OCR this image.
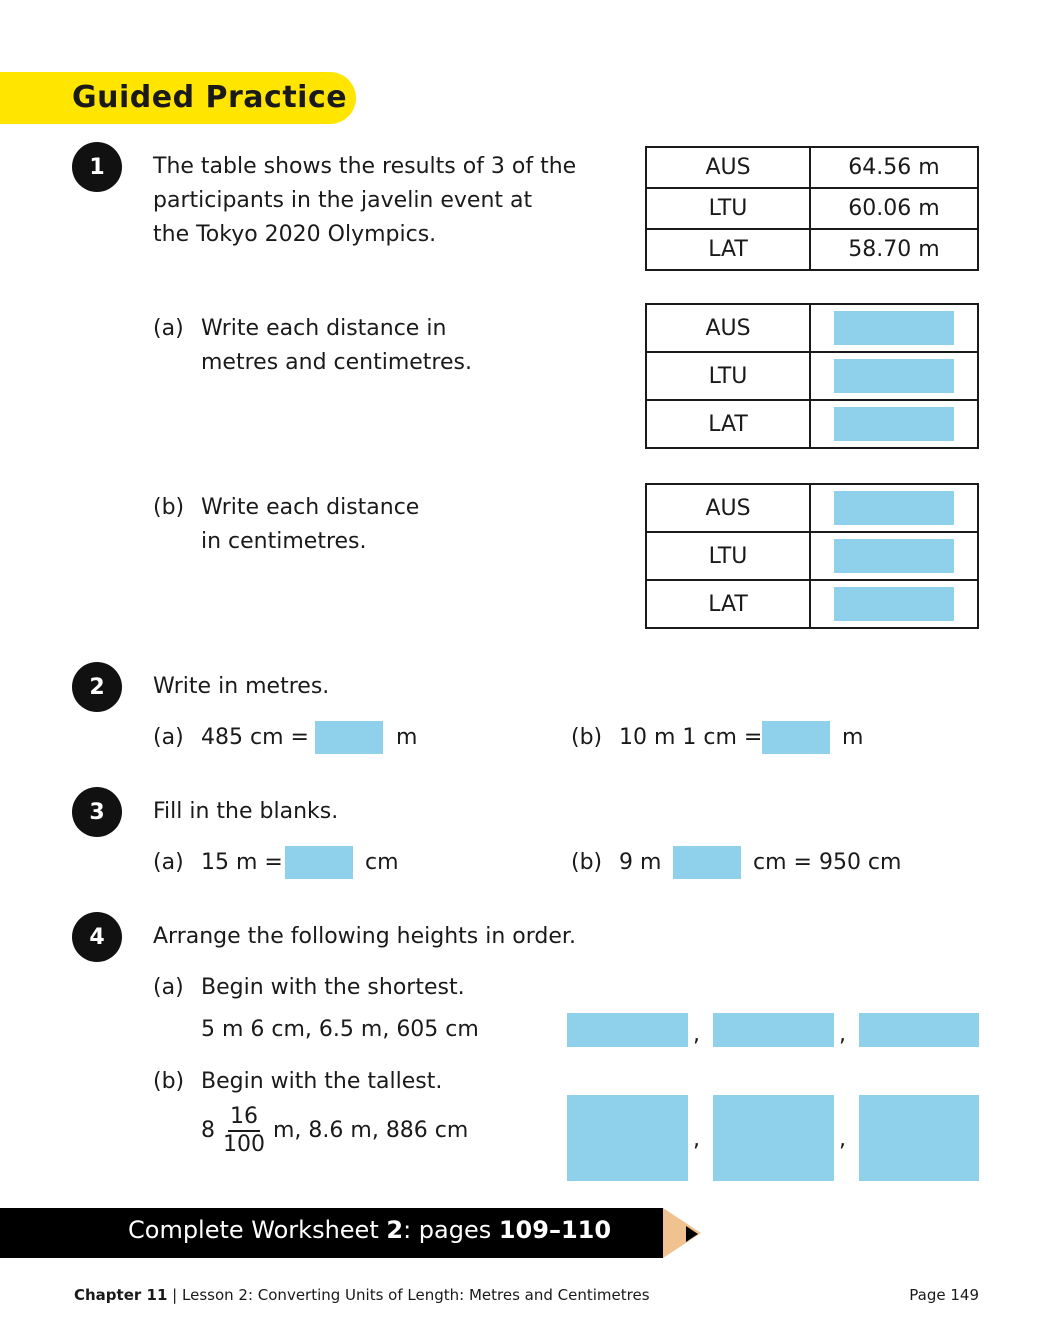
Guided Practice
1	The table shows the results of 3 of the
participants in the javelin event at
the Tokyo 2020 Olympics.
AUS	64.56 m
LTU	60.06 m
LAT	58.70 m
(a) Write each distance in
metres and centimetres.
AUS	
LTU	
LAT	
(b) Write each distance
in centimetres.
AUS	
LTU	
LAT	
2	Write in metres.
(a) 485 cm =	m	(b) 10 m 1 cm =	m
3	Fill in the blanks.
(a) 15 m =	cm	(b) 9 m	cm = 950 cm
4	Arrange the following heights in order.
(a) Begin with the shortest.
5 m 6 cm, 6.5 m, 605 cm	,	,
(b) Begin with the tallest.
$8 \frac{16}{100} m$, 8.6 m, 886 cm	,	,
Complete Worksheet 2: pages 109–110
Chapter 11 | Lesson 2: Converting Units of Length: Metres and Centimetres	Page 149
